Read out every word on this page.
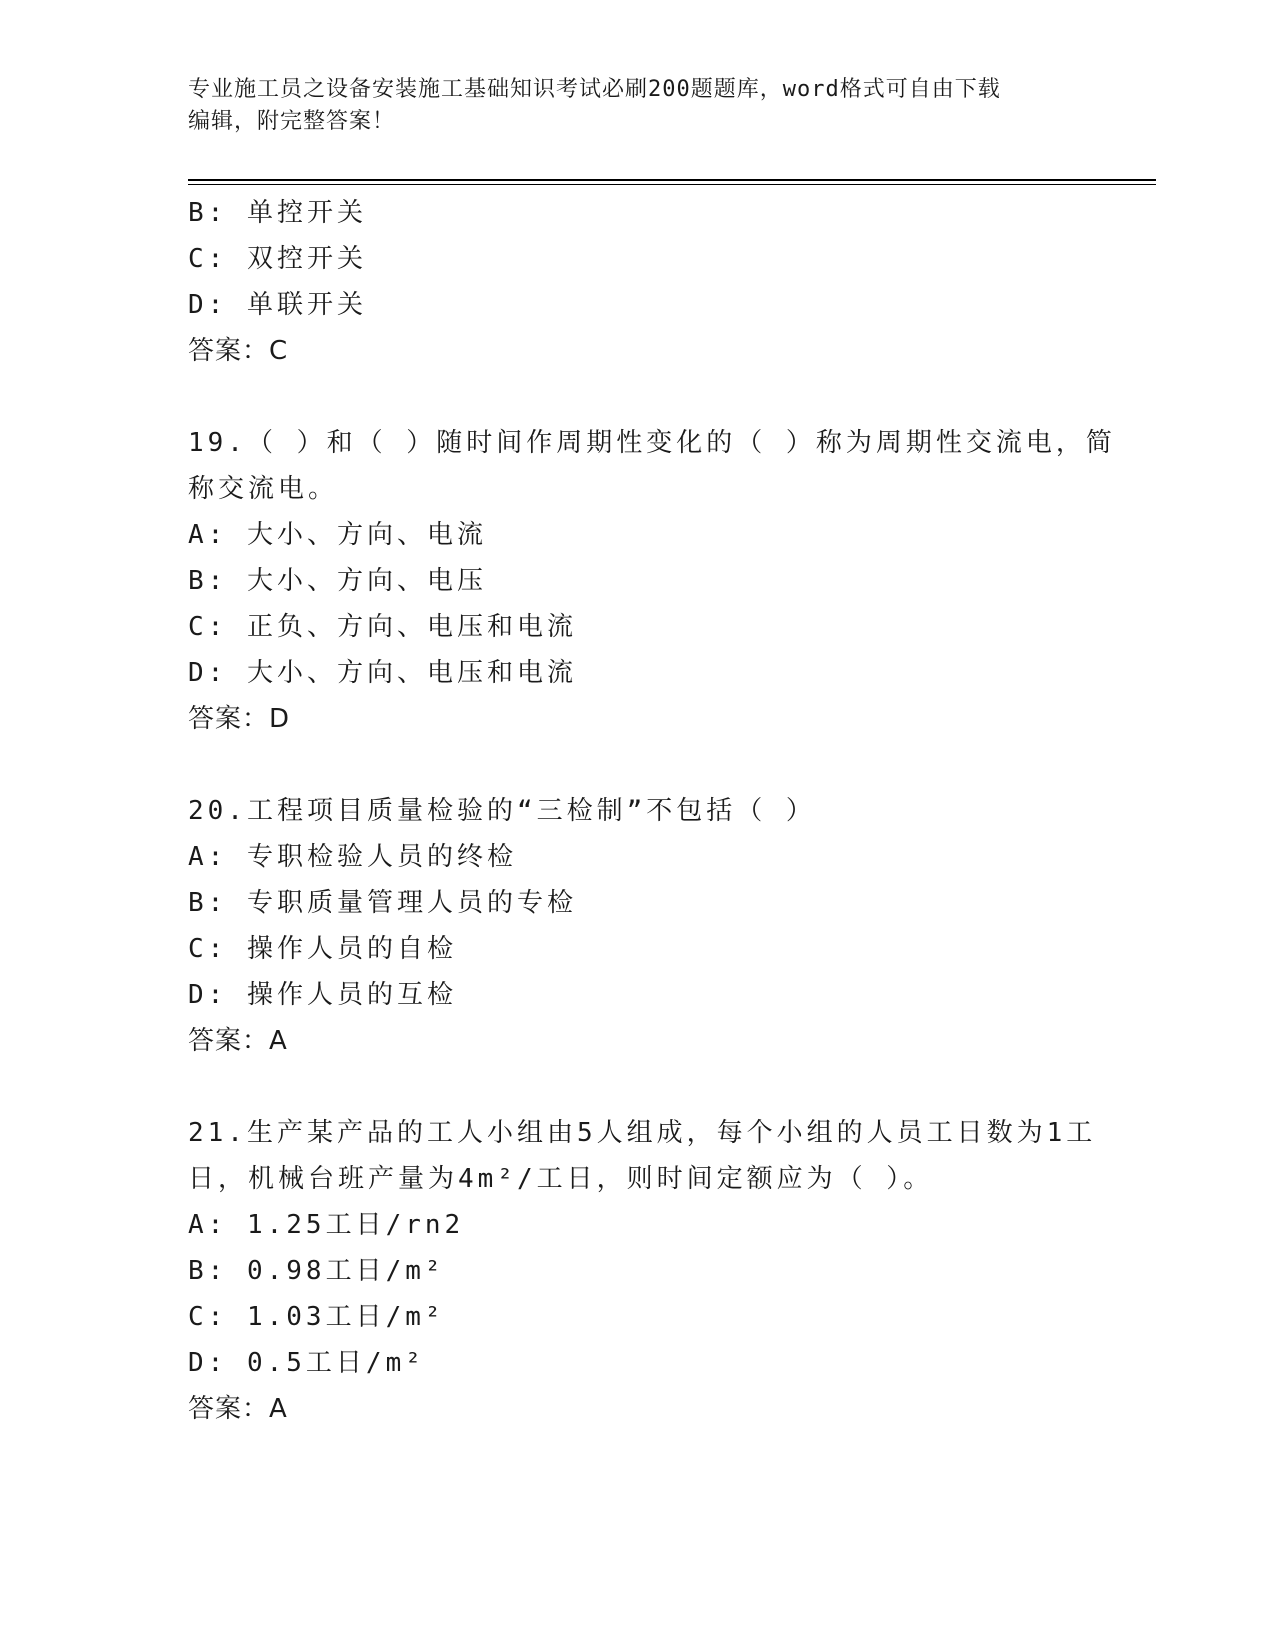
专业施工员之设备安装施工基础知识考试必刷200题题库，word格式可自由下载
编辑，附完整答案！
B: 单控开关
C: 双控开关
D: 单联开关
答案：C
19.（ ）和（ ）随时间作周期性变化的（ ）称为周期性交流电，简
称交流电。
A: 大小、方向、电流
B: 大小、方向、电压
C: 正负、方向、电压和电流
D: 大小、方向、电压和电流
答案：D
20.工程项目质量检验的“三检制”不包括（ ）
A: 专职检验人员的终检
B: 专职质量管理人员的专检
C: 操作人员的自检
D: 操作人员的互检
答案：A
21.生产某产品的工人小组由5人组成，每个小组的人员工日数为1工
日，机械台班产量为4m²/工日，则时间定额应为（ ）。
A: 1.25工日/rn2
B: 0.98工日/m²
C: 1.03工日/m²
D: 0.5工日/m²
答案：A
